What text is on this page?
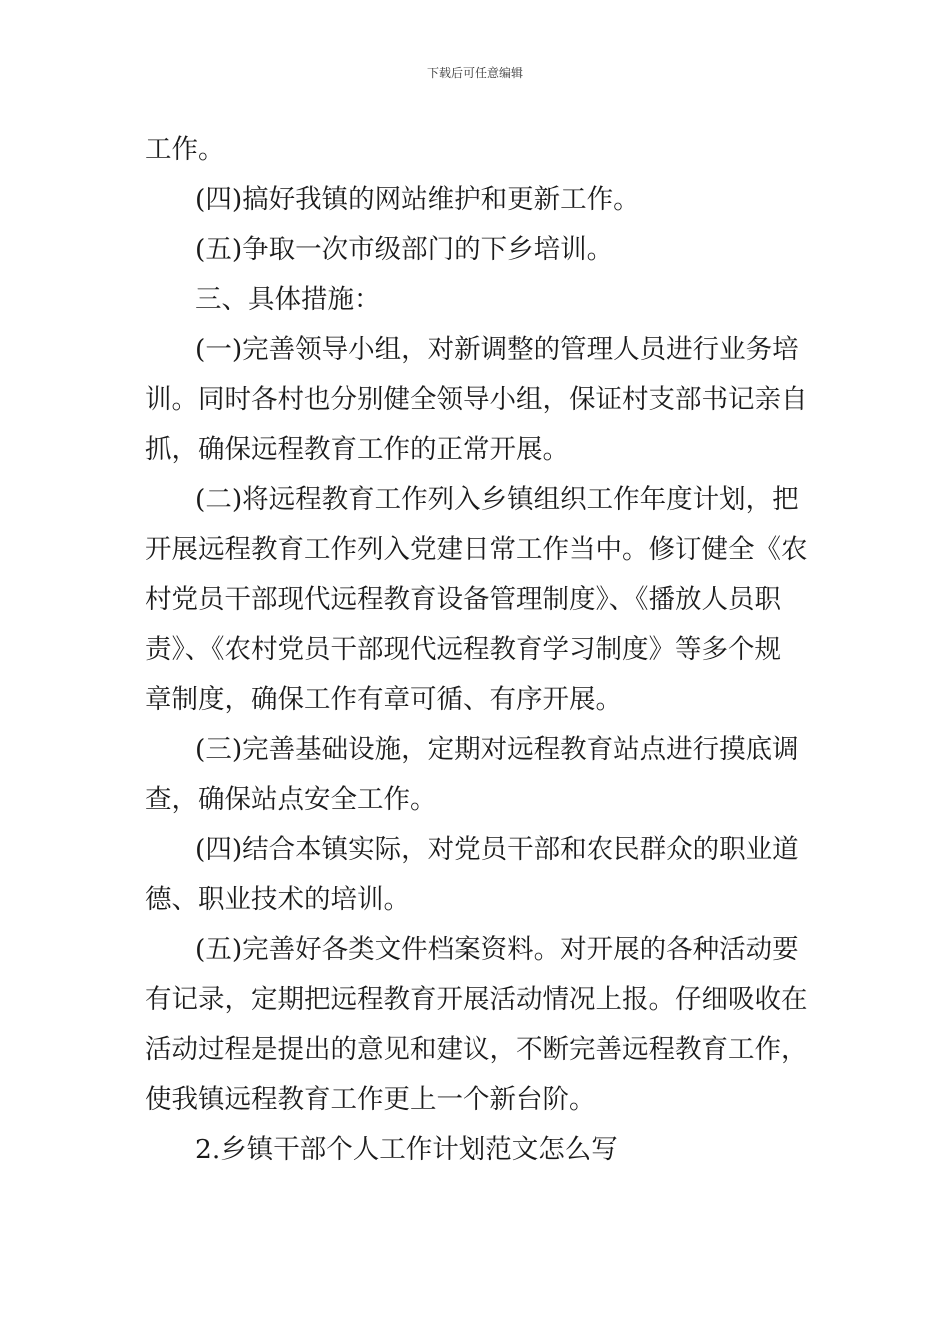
下载后可任意编辑
工作。
(四)搞好我镇的网站维护和更新工作。
(五)争取一次市级部门的下乡培训。
三、具体措施：
(一)完善领导小组，对新调整的管理人员进行业务培
训。同时各村也分别健全领导小组，保证村支部书记亲自
抓，确保远程教育工作的正常开展。
(二)将远程教育工作列入乡镇组织工作年度计划，把
开展远程教育工作列入党建日常工作当中。修订健全《农
村党员干部现代远程教育设备管理制度》、《播放人员职
责》、《农村党员干部现代远程教育学习制度》等多个规
章制度，确保工作有章可循、有序开展。
(三)完善基础设施，定期对远程教育站点进行摸底调
查，确保站点安全工作。
(四)结合本镇实际，对党员干部和农民群众的职业道
德、职业技术的培训。
(五)完善好各类文件档案资料。对开展的各种活动要
有记录，定期把远程教育开展活动情况上报。仔细吸收在
活动过程是提出的意见和建议，不断完善远程教育工作，
使我镇远程教育工作更上一个新台阶。
2.乡镇干部个人工作计划范文怎么写
